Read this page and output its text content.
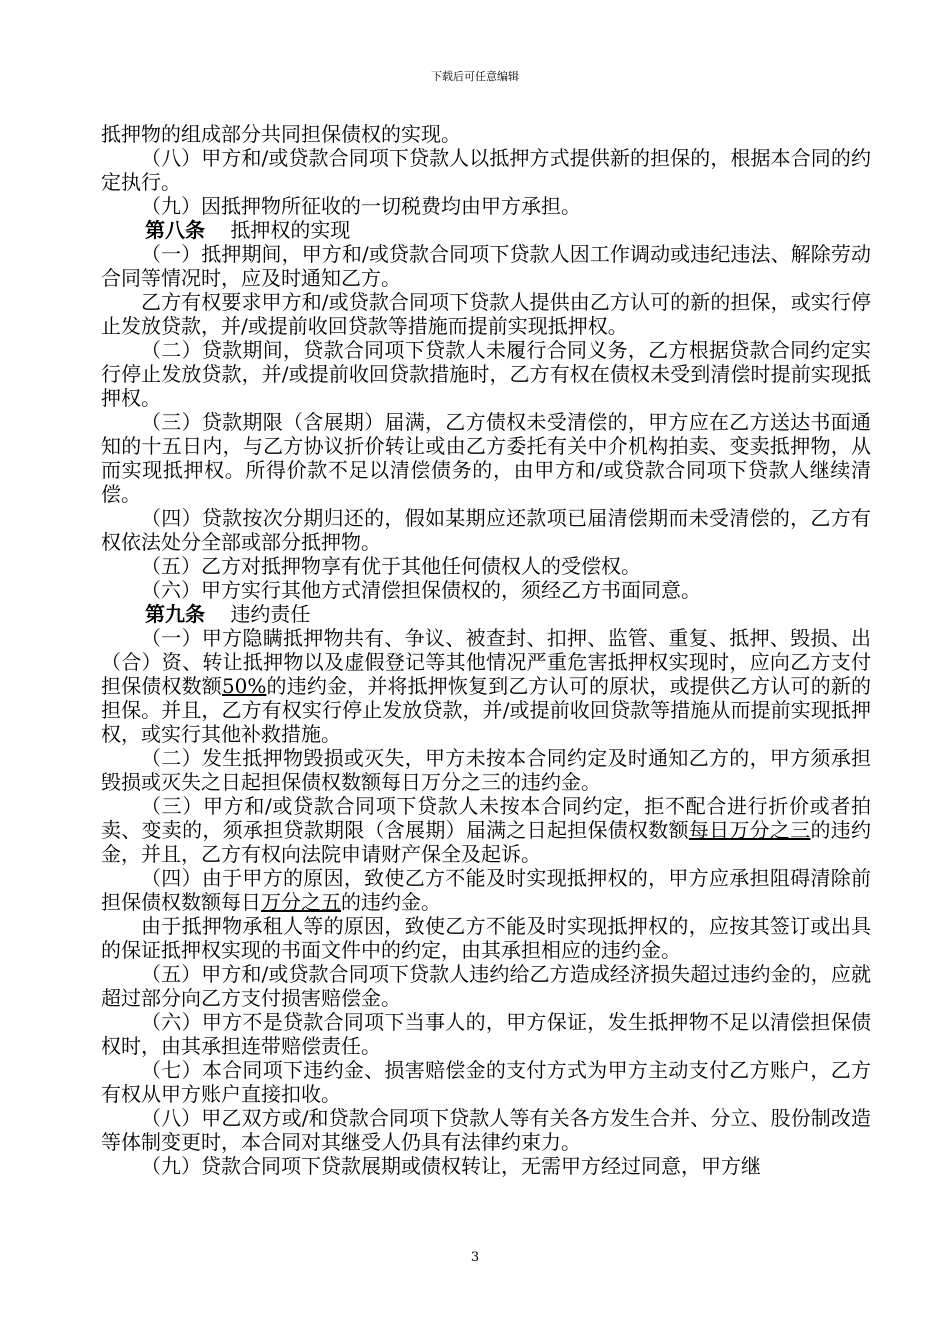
下载后可任意编辑

抵押物的组成部分共同担保债权的实现。

（八）甲方和/或贷款合同项下贷款人以抵押方式提供新的担保的，根据本合同的约定执行。

（九）因抵押物所征收的一切税费均由甲方承担。

第八条 抵押权的实现

（一）抵押期间，甲方和/或贷款合同项下贷款人因工作调动或违纪违法、解除劳动合同等情况时，应及时通知乙方。

乙方有权要求甲方和/或贷款合同项下贷款人提供由乙方认可的新的担保，或实行停止发放贷款，并/或提前收回贷款等措施而提前实现抵押权。

（二）贷款期间，贷款合同项下贷款人未履行合同义务，乙方根据贷款合同约定实行停止发放贷款，并/或提前收回贷款措施时，乙方有权在债权未受到清偿时提前实现抵押权。

（三）贷款期限（含展期）届满，乙方债权未受清偿的，甲方应在乙方送达书面通知的十五日内，与乙方协议折价转让或由乙方委托有关中介机构拍卖、变卖抵押物，从而实现抵押权。所得价款不足以清偿债务的，由甲方和/或贷款合同项下贷款人继续清偿。

（四）贷款按次分期归还的，假如某期应还款项已届清偿期而未受清偿的，乙方有权依法处分全部或部分抵押物。

（五）乙方对抵押物享有优于其他任何债权人的受偿权。

（六）甲方实行其他方式清偿担保债权的，须经乙方书面同意。

第九条 违约责任

（一）甲方隐瞒抵押物共有、争议、被查封、扣押、监管、重复、抵押、毁损、出（合）资、转让抵押物以及虚假登记等其他情况严重危害抵押权实现时，应向乙方支付担保债权数额50%的违约金，并将抵押恢复到乙方认可的原状，或提供乙方认可的新的担保。并且，乙方有权实行停止发放贷款，并/或提前收回贷款等措施从而提前实现抵押权，或实行其他补救措施。

（二）发生抵押物毁损或灭失，甲方未按本合同约定及时通知乙方的，甲方须承担毁损或灭失之日起担保债权数额每日万分之三的违约金。

（三）甲方和/或贷款合同项下贷款人未按本合同约定，拒不配合进行折价或者拍卖、变卖的，须承担贷款期限（含展期）届满之日起担保债权数额每日万分之三的违约金，并且，乙方有权向法院申请财产保全及起诉。

（四）由于甲方的原因，致使乙方不能及时实现抵押权的，甲方应承担阻碍清除前担保债权数额每日万分之五的违约金。

由于抵押物承租人等的原因，致使乙方不能及时实现抵押权的，应按其签订或出具的保证抵押权实现的书面文件中的约定，由其承担相应的违约金。

（五）甲方和/或贷款合同项下贷款人违约给乙方造成经济损失超过违约金的，应就超过部分向乙方支付损害赔偿金。

（六）甲方不是贷款合同项下当事人的，甲方保证，发生抵押物不足以清偿担保债权时，由其承担连带赔偿责任。

（七）本合同项下违约金、损害赔偿金的支付方式为甲方主动支付乙方账户，乙方有权从甲方账户直接扣收。

（八）甲乙双方或/和贷款合同项下贷款人等有关各方发生合并、分立、股份制改造等体制变更时，本合同对其继受人仍具有法律约束力。

（九）贷款合同项下贷款展期或债权转让，无需甲方经过同意，甲方继

3
